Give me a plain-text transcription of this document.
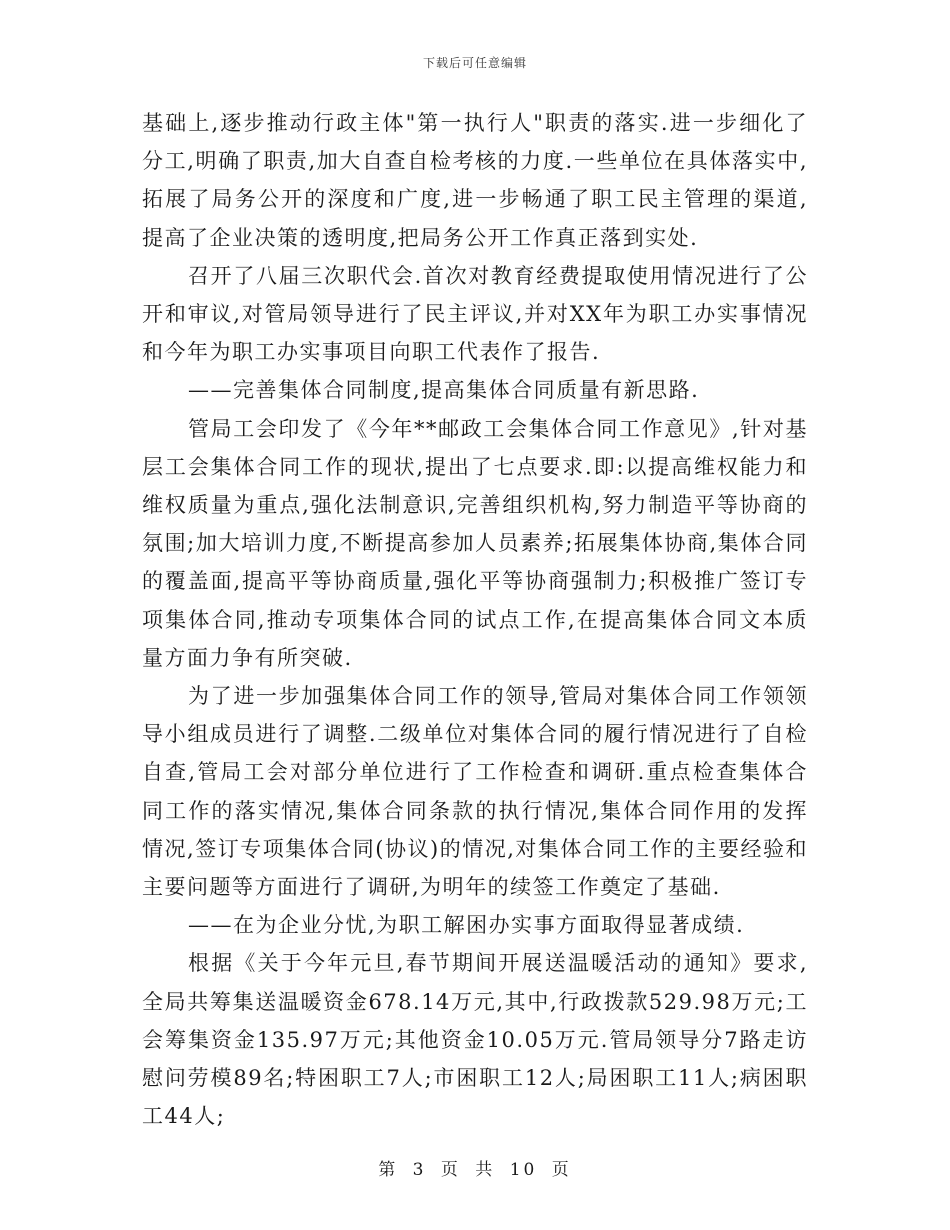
下载后可任意编辑

基础上,逐步推动行政主体"第一执行人"职责的落实.进一步细化了分工,明确了职责,加大自查自检考核的力度.一些单位在具体落实中,拓展了局务公开的深度和广度,进一步畅通了职工民主管理的渠道,提高了企业决策的透明度,把局务公开工作真正落到实处.

召开了八届三次职代会.首次对教育经费提取使用情况进行了公开和审议,对管局领导进行了民主评议,并对XX年为职工办实事情况和今年为职工办实事项目向职工代表作了报告.

——完善集体合同制度,提高集体合同质量有新思路.

管局工会印发了《今年**邮政工会集体合同工作意见》,针对基层工会集体合同工作的现状,提出了七点要求.即:以提高维权能力和维权质量为重点,强化法制意识,完善组织机构,努力制造平等协商的氛围;加大培训力度,不断提高参加人员素养;拓展集体协商,集体合同的覆盖面,提高平等协商质量,强化平等协商强制力;积极推广签订专项集体合同,推动专项集体合同的试点工作,在提高集体合同文本质量方面力争有所突破.

为了进一步加强集体合同工作的领导,管局对集体合同工作领领导小组成员进行了调整.二级单位对集体合同的履行情况进行了自检自查,管局工会对部分单位进行了工作检查和调研.重点检查集体合同工作的落实情况,集体合同条款的执行情况,集体合同作用的发挥情况,签订专项集体合同(协议)的情况,对集体合同工作的主要经验和主要问题等方面进行了调研,为明年的续签工作奠定了基础.

——在为企业分忧,为职工解困办实事方面取得显著成绩.

根据《关于今年元旦,春节期间开展送温暖活动的通知》要求,全局共筹集送温暖资金678.14万元,其中,行政拨款529.98万元;工会筹集资金135.97万元;其他资金10.05万元.管局领导分7路走访慰问劳模89名;特困职工7人;市困职工12人;局困职工11人;病困职工44人;

第 3 页 共 10 页
